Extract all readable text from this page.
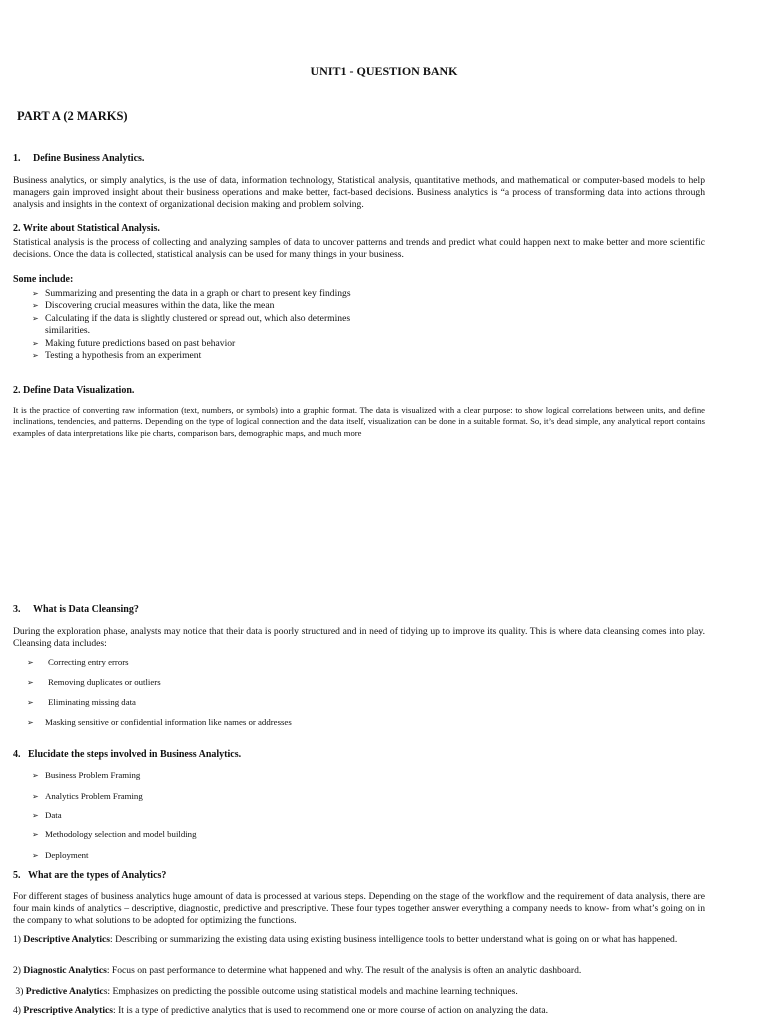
UNIT1 - QUESTION BANK
PART A (2 MARKS)
1. Define Business Analytics.
Business analytics, or simply analytics, is the use of data, information technology, Statistical analysis, quantitative methods, and mathematical or computer-based models to help managers gain improved insight about their business operations and make better, fact-based decisions. Business analytics is “a process of transforming data into actions through analysis and insights in the context of organizational decision making and problem solving.
2. Write about Statistical Analysis.
Statistical analysis is the process of collecting and analyzing samples of data to uncover patterns and trends and predict what could happen next to make better and more scientific decisions. Once the data is collected, statistical analysis can be used for many things in your business.
Some include:
➢ Summarizing and presenting the data in a graph or chart to present key findings
➢ Discovering crucial measures within the data, like the mean
➢ Calculating if the data is slightly clustered or spread out, which also determines
similarities.
➢ Making future predictions based on past behavior
➢ Testing a hypothesis from an experiment
2. Define Data Visualization.
It is the practice of converting raw information (text, numbers, or symbols) into a graphic format. The data is visualized with a clear purpose: to show logical correlations between units, and define inclinations, tendencies, and patterns. Depending on the type of logical connection and the data itself, visualization can be done in a suitable format. So, it’s dead simple, any analytical report contains examples of data interpretations like pie charts, comparison bars, demographic maps, and much more
3. What is Data Cleansing?
During the exploration phase, analysts may notice that their data is poorly structured and in need of tidying up to improve its quality. This is where data cleansing comes into play. Cleansing data includes:
➢ Correcting entry errors
➢ Removing duplicates or outliers
➢ Eliminating missing data
➢ Masking sensitive or confidential information like names or addresses
4. Elucidate the steps involved in Business Analytics.
➢ Business Problem Framing
➢ Analytics Problem Framing
➢ Data
➢ Methodology selection and model building
➢ Deployment
5. What are the types of Analytics?
For different stages of business analytics huge amount of data is processed at various steps. Depending on the stage of the workflow and the requirement of data analysis, there are four main kinds of analytics – descriptive, diagnostic, predictive and prescriptive. These four types together answer everything a company needs to know- from what’s going on in the company to what solutions to be adopted for optimizing the functions.
1) Descriptive Analytics: Describing or summarizing the existing data using existing business intelligence tools to better understand what is going on or what has happened.
2) Diagnostic Analytics: Focus on past performance to determine what happened and why. The result of the analysis is often an analytic dashboard.
3) Predictive Analytics: Emphasizes on predicting the possible outcome using statistical models and machine learning techniques.
4) Prescriptive Analytics: It is a type of predictive analytics that is used to recommend one or more course of action on analyzing the data.
